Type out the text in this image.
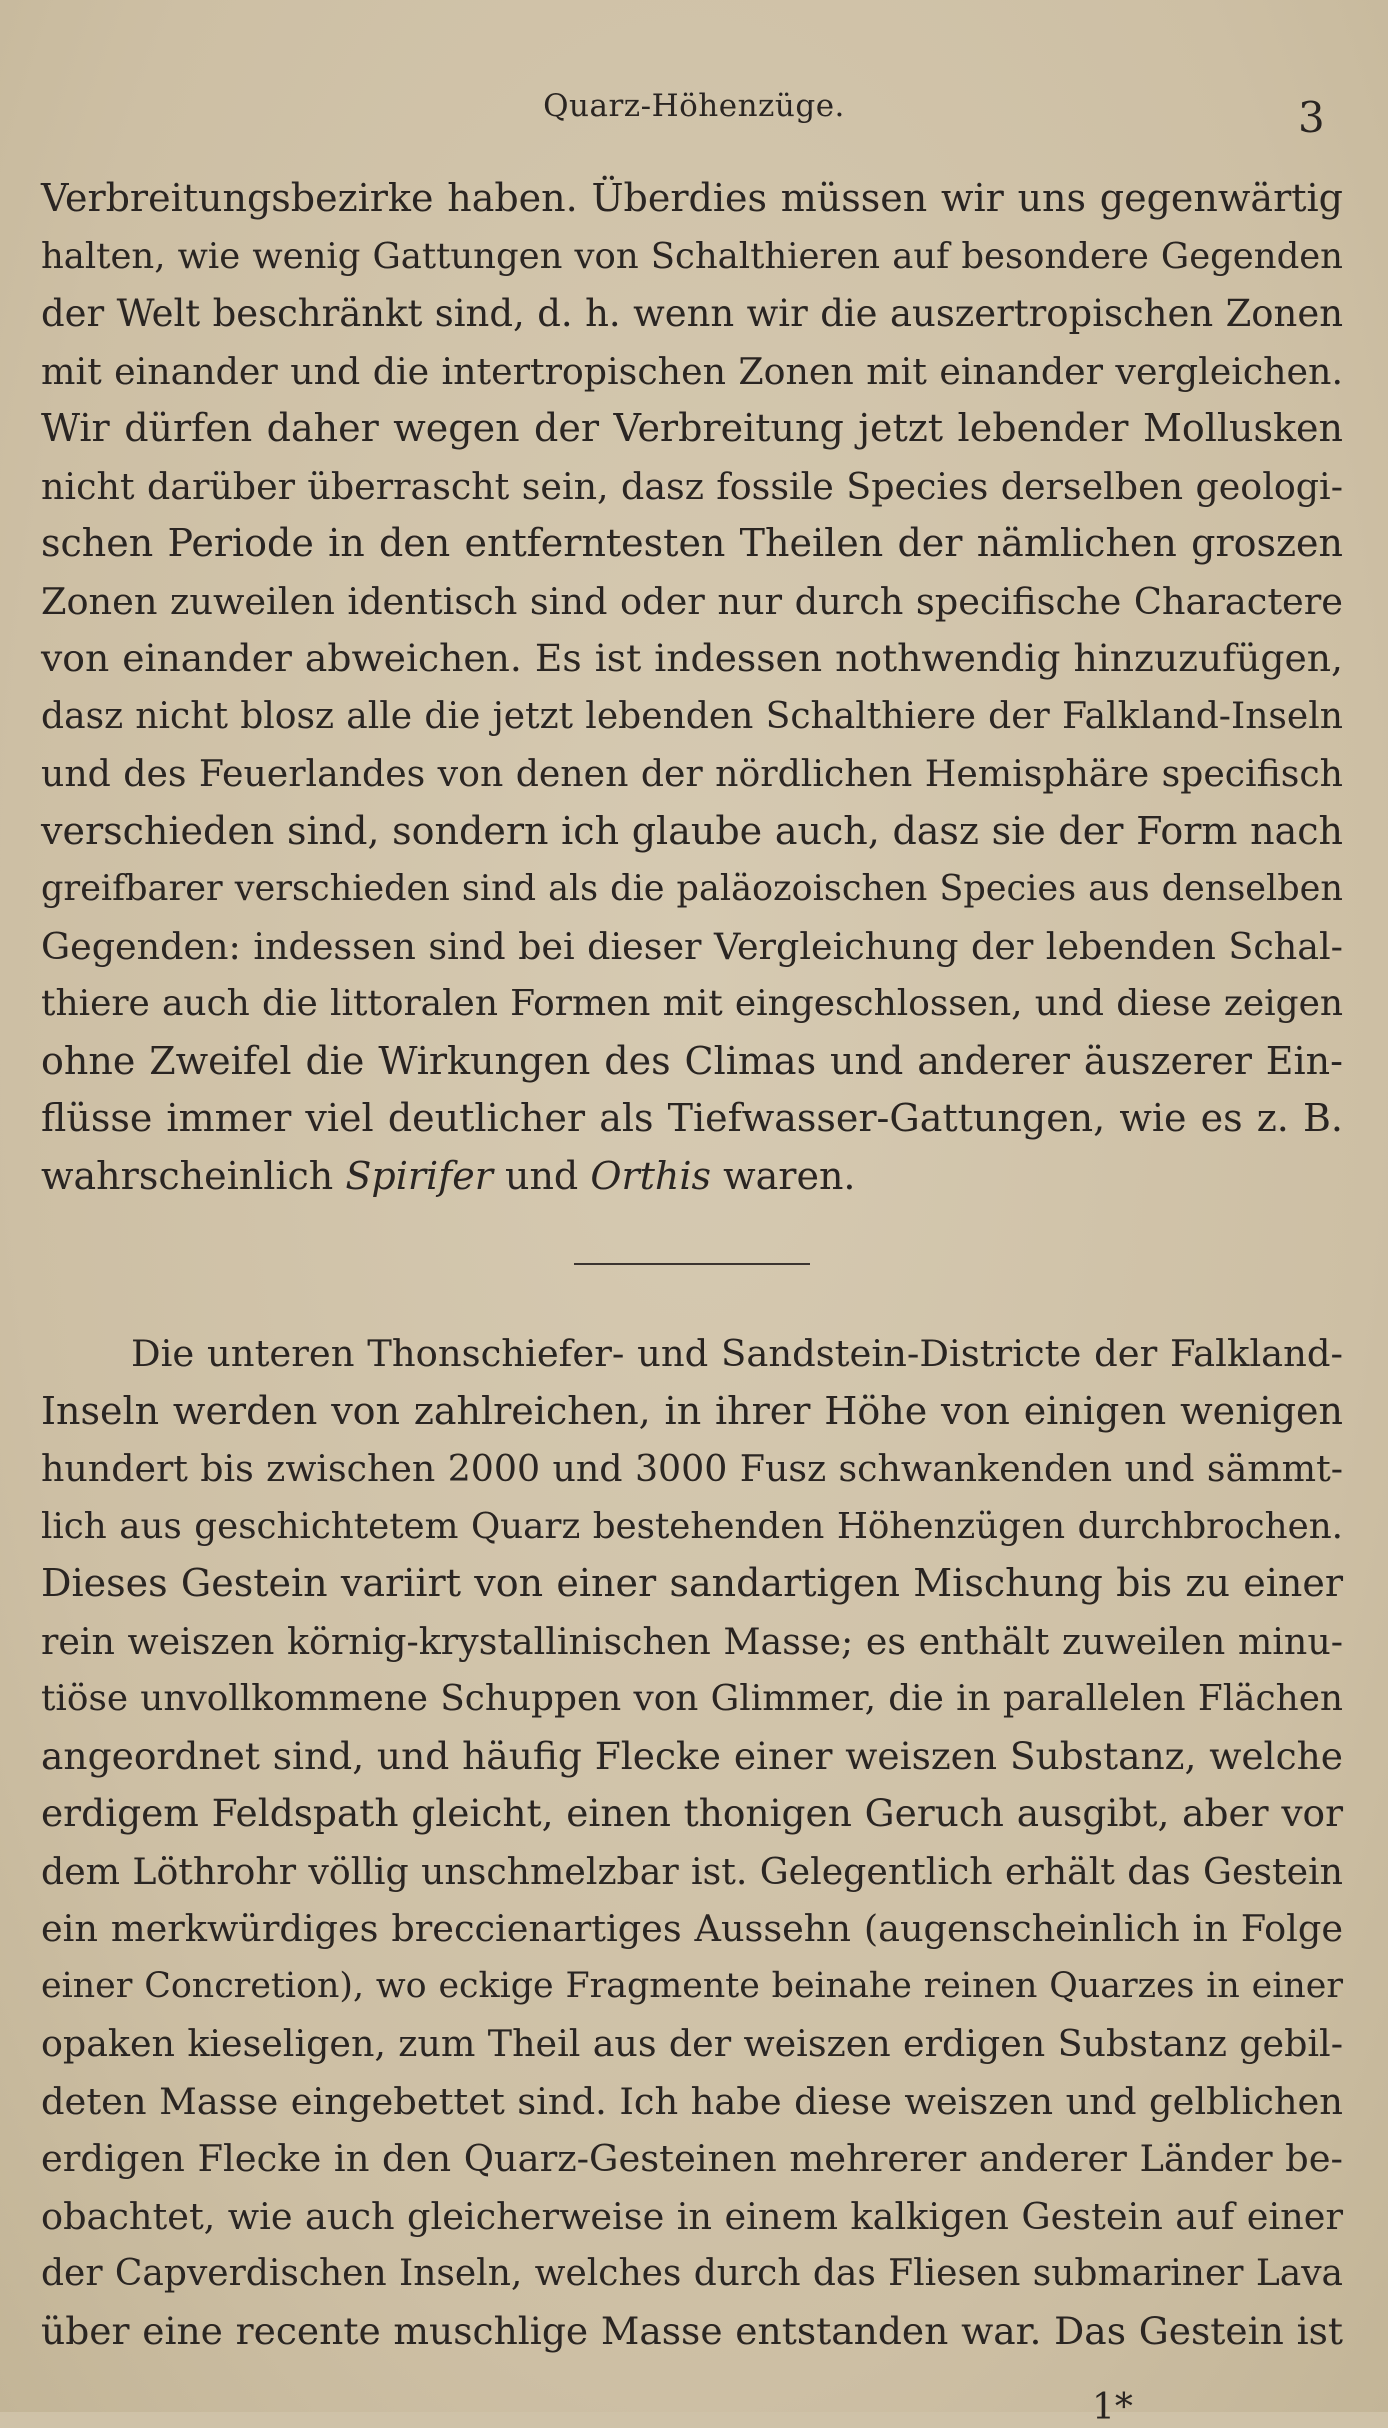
Quarz-Höhenzüge.	3
Verbreitungsbezirke haben. Überdies müssen wir uns gegenwärtig
halten, wie wenig Gattungen von Schalthieren auf besondere Gegenden
der Welt beschränkt sind, d. h. wenn wir die auszertropischen Zonen
mit einander und die intertropischen Zonen mit einander vergleichen.
Wir dürfen daher wegen der Verbreitung jetzt lebender Mollusken
nicht darüber überrascht sein, dasz fossile Species derselben geologi-
schen Periode in den entferntesten Theilen der nämlichen groszen
Zonen zuweilen identisch sind oder nur durch specifische Charactere
von einander abweichen. Es ist indessen nothwendig hinzuzufügen,
dasz nicht blosz alle die jetzt lebenden Schalthiere der Falkland-Inseln
und des Feuerlandes von denen der nördlichen Hemisphäre specifisch
verschieden sind, sondern ich glaube auch, dasz sie der Form nach
greifbarer verschieden sind als die paläozoischen Species aus denselben
Gegenden: indessen sind bei dieser Vergleichung der lebenden Schal-
thiere auch die littoralen Formen mit eingeschlossen, und diese zeigen
ohne Zweifel die Wirkungen des Climas und anderer äuszerer Ein-
flüsse immer viel deutlicher als Tiefwasser-Gattungen, wie es z. B.
wahrscheinlich Spirifer und Orthis waren.
Die unteren Thonschiefer- und Sandstein-Districte der Falkland-
Inseln werden von zahlreichen, in ihrer Höhe von einigen wenigen
hundert bis zwischen 2000 und 3000 Fusz schwankenden und sämmt-
lich aus geschichtetem Quarz bestehenden Höhenzügen durchbrochen.
Dieses Gestein variirt von einer sandartigen Mischung bis zu einer
rein weiszen körnig-krystallinischen Masse; es enthält zuweilen minu-
tiöse unvollkommene Schuppen von Glimmer, die in parallelen Flächen
angeordnet sind, und häufig Flecke einer weiszen Substanz, welche
erdigem Feldspath gleicht, einen thonigen Geruch ausgibt, aber vor
dem Löthrohr völlig unschmelzbar ist. Gelegentlich erhält das Gestein
ein merkwürdiges breccienartiges Aussehn (augenscheinlich in Folge
einer Concretion), wo eckige Fragmente beinahe reinen Quarzes in einer
opaken kieseligen, zum Theil aus der weiszen erdigen Substanz gebil-
deten Masse eingebettet sind. Ich habe diese weiszen und gelblichen
erdigen Flecke in den Quarz-Gesteinen mehrerer anderer Länder be-
obachtet, wie auch gleicherweise in einem kalkigen Gestein auf einer
der Capverdischen Inseln, welches durch das Fliesen submariner Lava
über eine recente muschlige Masse entstanden war. Das Gestein ist
1*
